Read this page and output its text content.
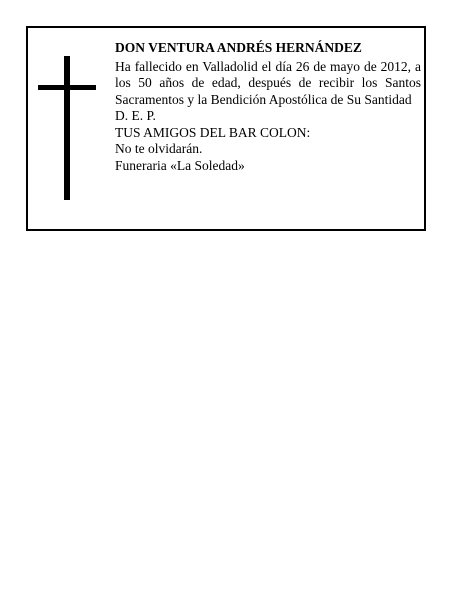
DON VENTURA ANDRÉS HERNÁNDEZ

Ha fallecido en Valladolid el día 26 de mayo de 2012, a los 50 años de edad, después de recibir los Santos Sacramentos y la Bendición Apostólica de Su Santidad

D. E. P.

TUS AMIGOS DEL BAR COLON:

No te olvidarán.

Funeraria «La Soledad»
